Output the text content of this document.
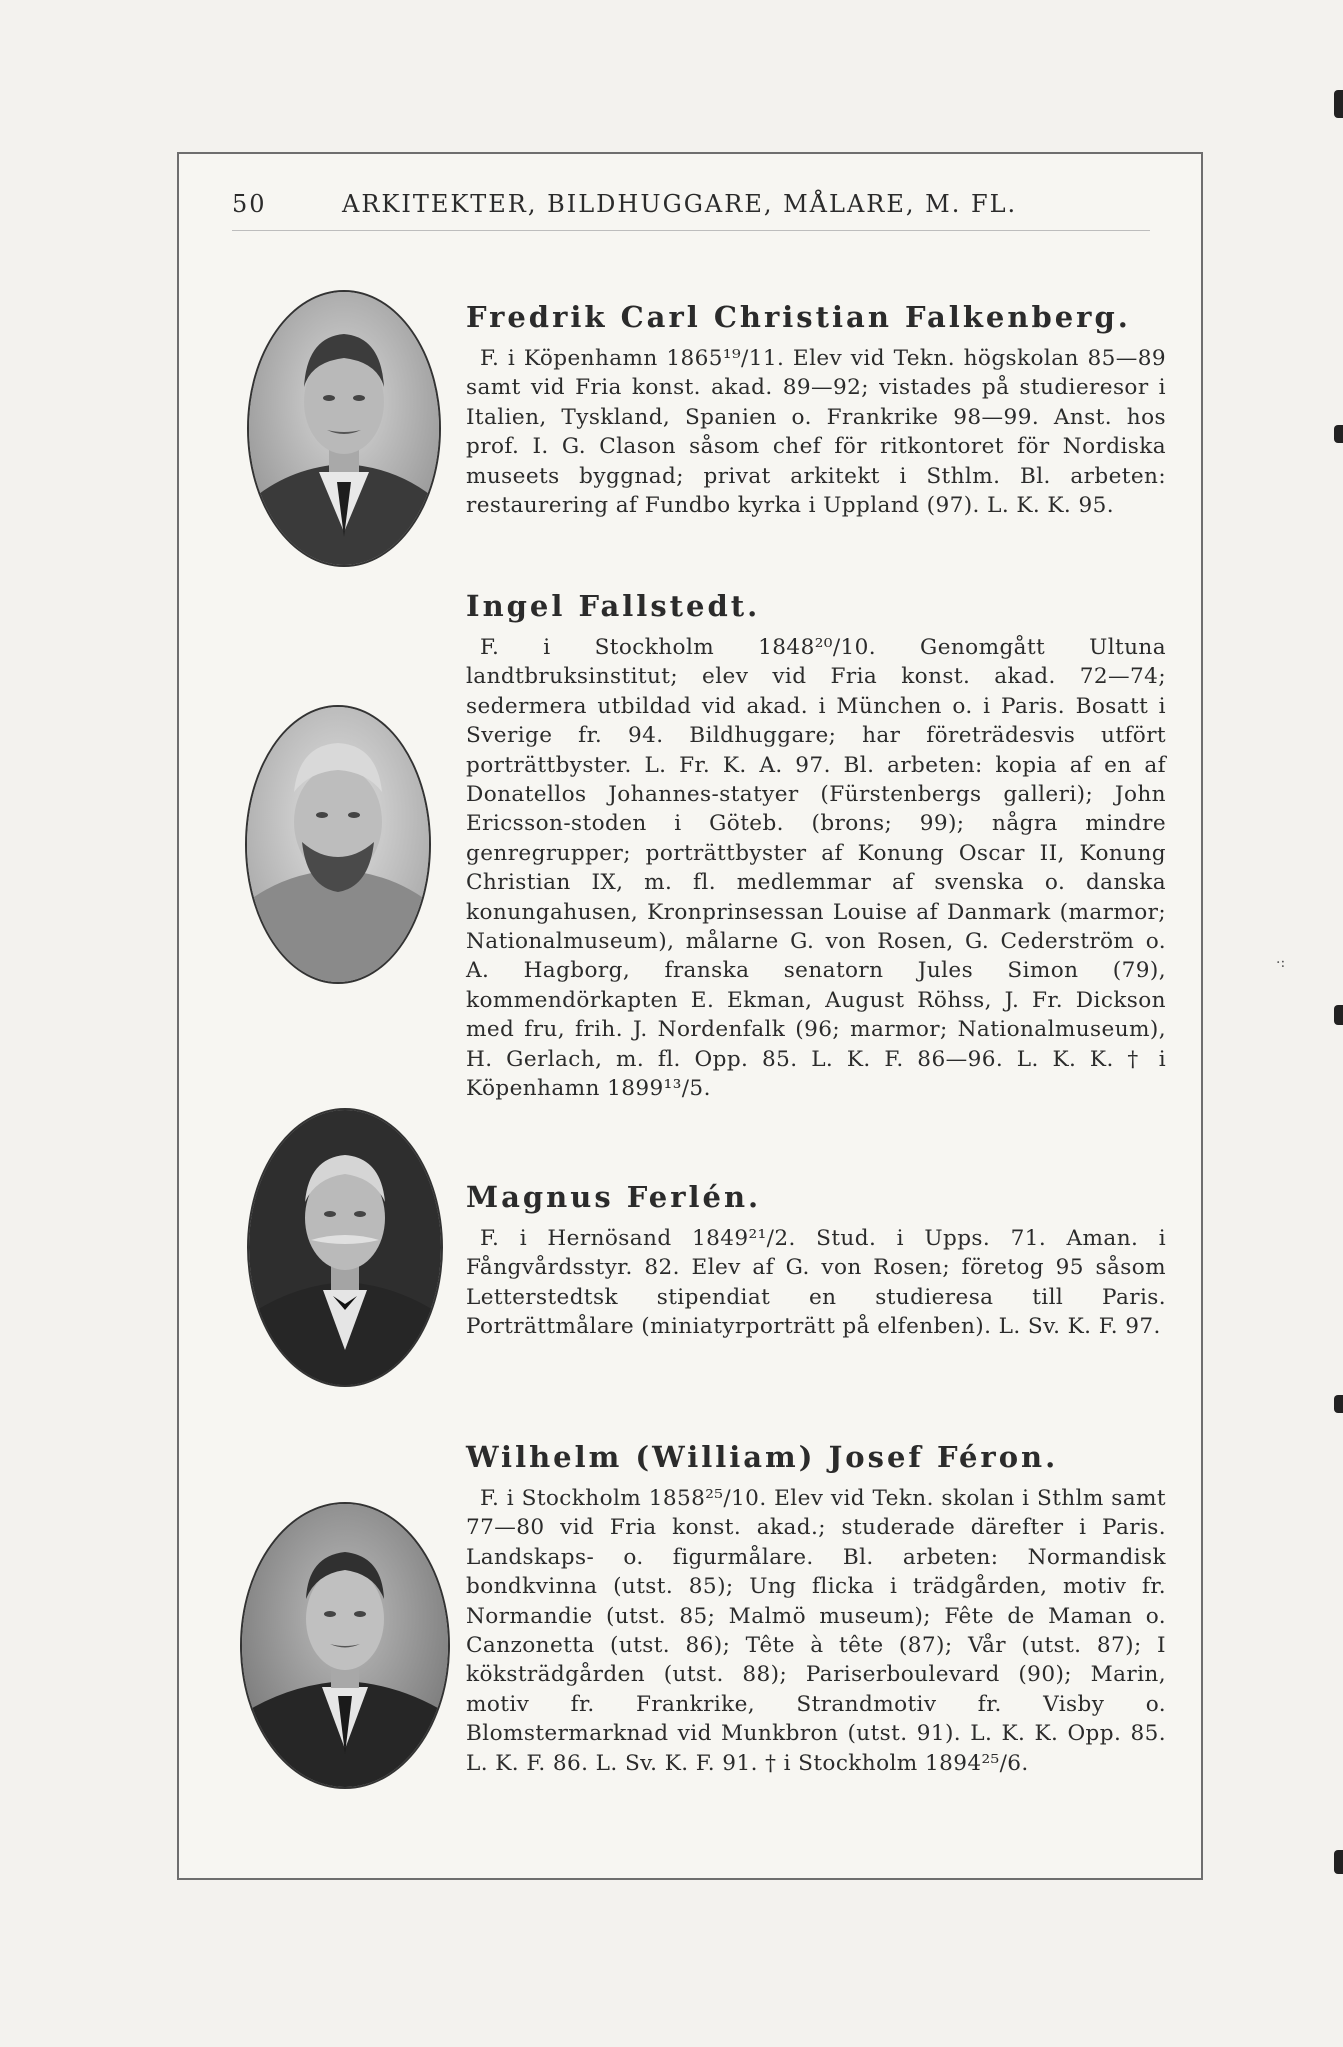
·:
50	ARKITEKTER, BILDHUGGARE, MÅLARE, M. FL.
Fredrik Carl Christian Falkenberg.

F. i Köpenhamn 1865¹⁹/11. Elev vid Tekn. högskolan 85—89 samt vid Fria konst. akad. 89—92; vistades på studieresor i Italien, Tyskland, Spanien o. Frankrike 98—99. Anst. hos prof. I. G. Clason såsom chef för ritkontoret för Nordiska museets byggnad; privat arkitekt i Sthlm. Bl. arbeten: restaurering af Fundbo kyrka i Uppland (97). L. K. K. 95.

Ingel Fallstedt.

F. i Stockholm 1848²⁰/10. Genomgått Ultuna landtbruksinstitut; elev vid Fria konst. akad. 72—74; sedermera utbildad vid akad. i München o. i Paris. Bosatt i Sverige fr. 94. Bildhuggare; har företrädesvis utfört porträttbyster. L. Fr. K. A. 97. Bl. arbeten: kopia af en af Donatellos Johannes-statyer (Fürstenbergs galleri); John Ericsson-stoden i Göteb. (brons; 99); några mindre genregrupper; porträttbyster af Konung Oscar II, Konung Christian IX, m. fl. medlemmar af svenska o. danska konungahusen, Kronprinsessan Louise af Danmark (marmor; Nationalmuseum), målarne G. von Rosen, G. Cederström o. A. Hagborg, franska senatorn Jules Simon (79), kommendörkapten E. Ekman, August Röhss, J. Fr. Dickson med fru, frih. J. Nordenfalk (96; marmor; Nationalmuseum), H. Gerlach, m. fl. Opp. 85. L. K. F. 86—96. L. K. K. † i Köpenhamn 1899¹³/5.

Magnus Ferlén.

F. i Hernösand 1849²¹/2. Stud. i Upps. 71. Aman. i Fångvårdsstyr. 82. Elev af G. von Rosen; företog 95 såsom Letterstedtsk stipendiat en studieresa till Paris. Porträttmålare (miniatyrporträtt på elfenben). L. Sv. K. F. 97.

Wilhelm (William) Josef Féron.

F. i Stockholm 1858²⁵/10. Elev vid Tekn. skolan i Sthlm samt 77—80 vid Fria konst. akad.; studerade därefter i Paris. Landskaps- o. figurmålare. Bl. arbeten: Normandisk bondkvinna (utst. 85); Ung flicka i trädgården, motiv fr. Normandie (utst. 85; Malmö museum); Fête de Maman o. Canzonetta (utst. 86); Tête à tête (87); Vår (utst. 87); I köksträdgården (utst. 88); Pariserboulevard (90); Marin, motiv fr. Frankrike, Strandmotiv fr. Visby o. Blomstermarknad vid Munkbron (utst. 91). L. K. K. Opp. 85. L. K. F. 86. L. Sv. K. F. 91. † i Stockholm 1894²⁵/6.
